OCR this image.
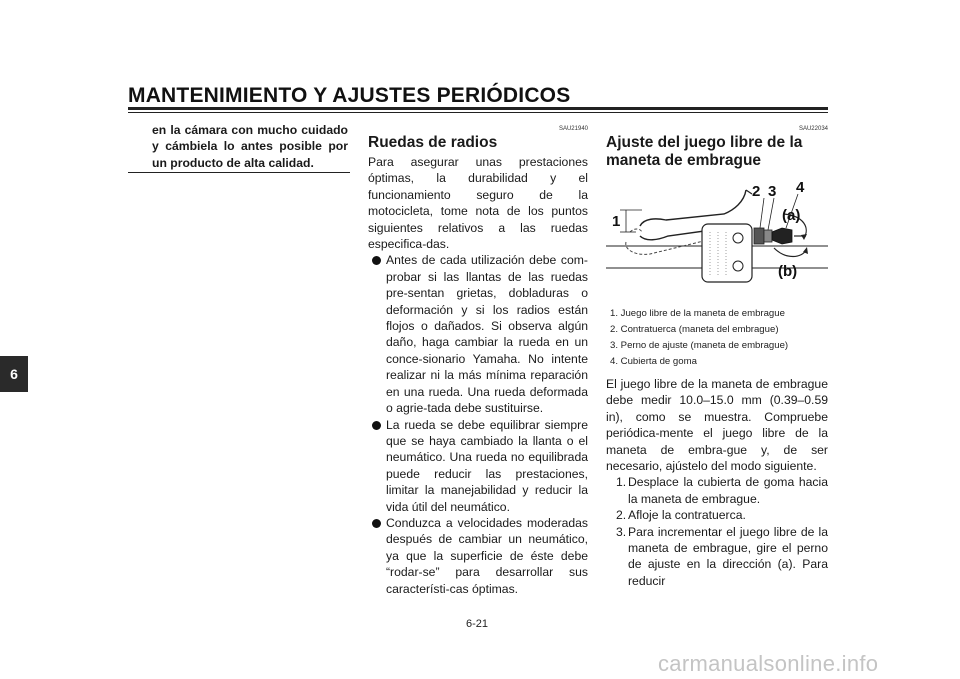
MANTENIMIENTO Y AJUSTES PERIÓDICOS
6

en la cámara con mucho cuidado y cámbiela lo antes posible por un producto de alta calidad.

SAU21940
Ruedas de radios

Para asegurar unas prestaciones óptimas, la durabilidad y el funcionamiento seguro de la motocicleta, tome nota de los puntos siguientes relativos a las ruedas especifica-das.

Antes de cada utilización debe com-probar si las llantas de las ruedas pre-sentan grietas, dobladuras o deformación y si los radios están flojos o dañados. Si observa algún daño, haga cambiar la rueda en un conce-sionario Yamaha. No intente realizar ni la más mínima reparación en una rueda. Una rueda deformada o agrie-tada debe sustituirse.
La rueda se debe equilibrar siempre que se haya cambiado la llanta o el neumático. Una rueda no equilibrada puede reducir las prestaciones, limitar la manejabilidad y reducir la vida útil del neumático.
Conduzca a velocidades moderadas después de cambiar un neumático, ya que la superficie de éste debe “rodar-se” para desarrollar sus característi-cas óptimas.
SAU22034
Ajuste del juego libre de la maneta de embrague
1
2 3 4
(a)
(b)
1. Juego libre de la maneta de embrague
2. Contratuerca (maneta del embrague)
3. Perno de ajuste (maneta de embrague)
4. Cubierta de goma

El juego libre de la maneta de embrague debe medir 10.0–15.0 mm (0.39–0.59 in), como se muestra. Compruebe periódica-mente el juego libre de la maneta de embra-gue y, de ser necesario, ajústelo del modo siguiente.

1. Desplace la cubierta de goma hacia la maneta de embrague.
2. Afloje la contratuerca.
3. Para incrementar el juego libre de la maneta de embrague, gire el perno de ajuste en la dirección (a). Para reducir
6-21
carmanualsonline.info
